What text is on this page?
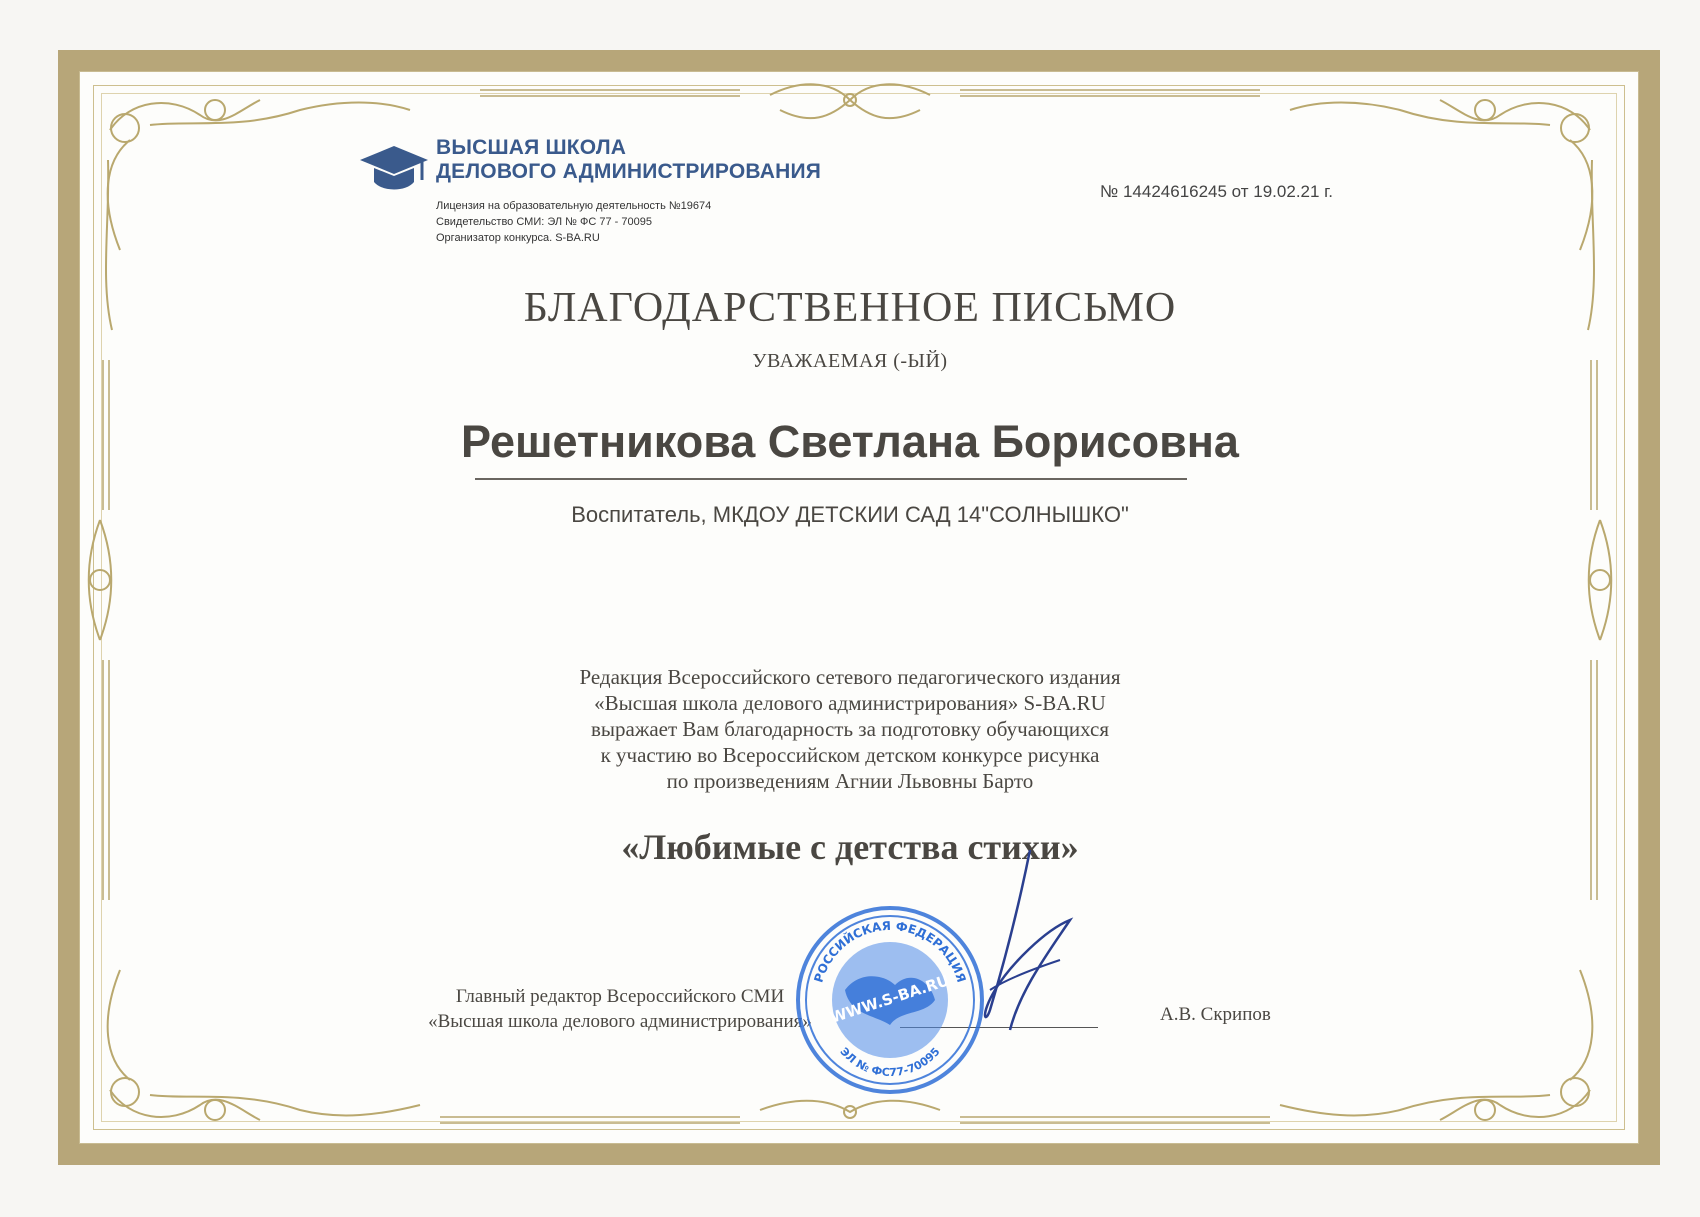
ВЫСШАЯ ШКОЛА
ДЕЛОВОГО АДМИНИСТРИРОВАНИЯ
Лицензия на образовательную деятельность №19674
Свидетельство СМИ: ЭЛ № ФС 77 - 70095
Организатор конкурса. S-BA.RU
№ 14424616245 от 19.02.21 г.
БЛАГОДАРСТВЕННОЕ ПИСЬМО
УВАЖАЕМАЯ (-ЫЙ)
Решетникова Светлана Борисовна
Воспитатель, МКДОУ ДЕТСКИИ САД 14"СОЛНЫШКО"
Редакция Всероссийского сетевого педагогического издания
«Высшая школа делового администрирования» S-BA.RU
выражает Вам благодарность за подготовку обучающихся
к участию во Всероссийском детском конкурсе рисунка
по произведениям Агнии Львовны Барто
«Любимые с детства стихи»
Главный редактор Всероссийского СМИ
«Высшая школа делового администрирования»	А.В. Скрипов
РОССИЙСКАЯ ФЕДЕРАЦИЯ
ЭЛ № ФС77-70095
WWW.S-BA.RU
